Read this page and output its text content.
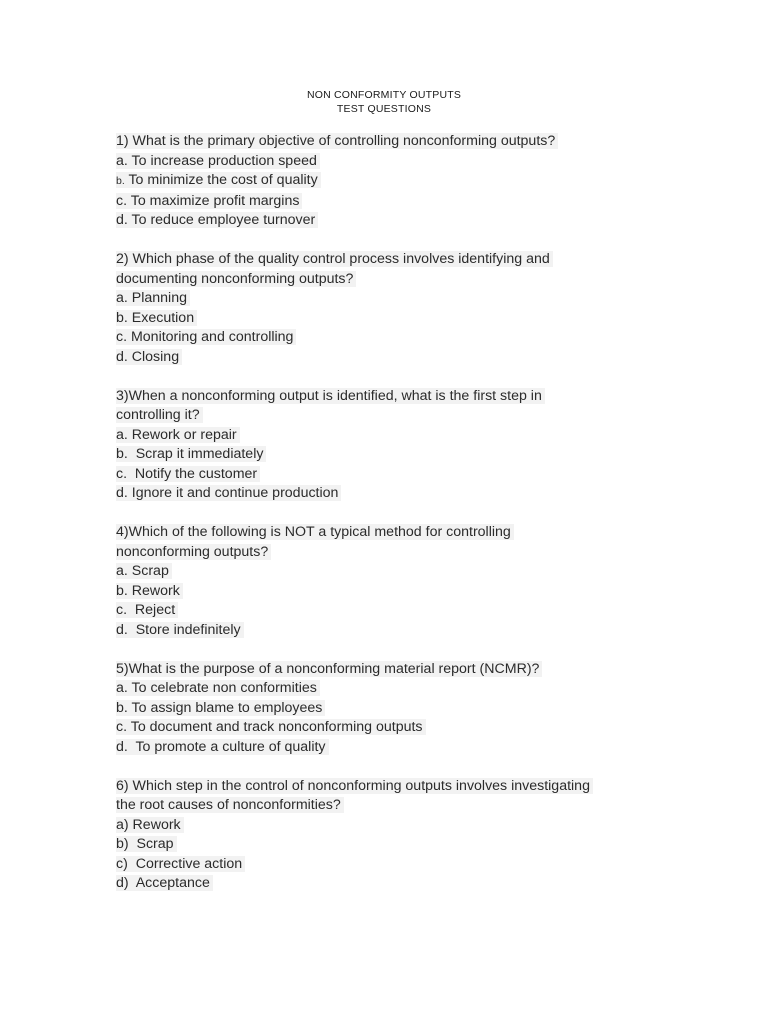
NON CONFORMITY OUTPUTS
TEST QUESTIONS
1) What is the primary objective of controlling nonconforming outputs?
a. To increase production speed
b. To minimize the cost of quality
c. To maximize profit margins
d. To reduce employee turnover
2) Which phase of the quality control process involves identifying and
documenting nonconforming outputs?
a. Planning
b. Execution
c. Monitoring and controlling
d. Closing
3)When a nonconforming output is identified, what is the first step in
controlling it?
a. Rework or repair
b.  Scrap it immediately
c.  Notify the customer
d. Ignore it and continue production
4)Which of the following is NOT a typical method for controlling
nonconforming outputs?
a. Scrap
b. Rework
c.  Reject
d.  Store indefinitely
5)What is the purpose of a nonconforming material report (NCMR)?
a. To celebrate non conformities
b. To assign blame to employees
c. To document and track nonconforming outputs
d.  To promote a culture of quality
6) Which step in the control of nonconforming outputs involves investigating
the root causes of nonconformities?
a) Rework
b)  Scrap
c)  Corrective action
d)  Acceptance
